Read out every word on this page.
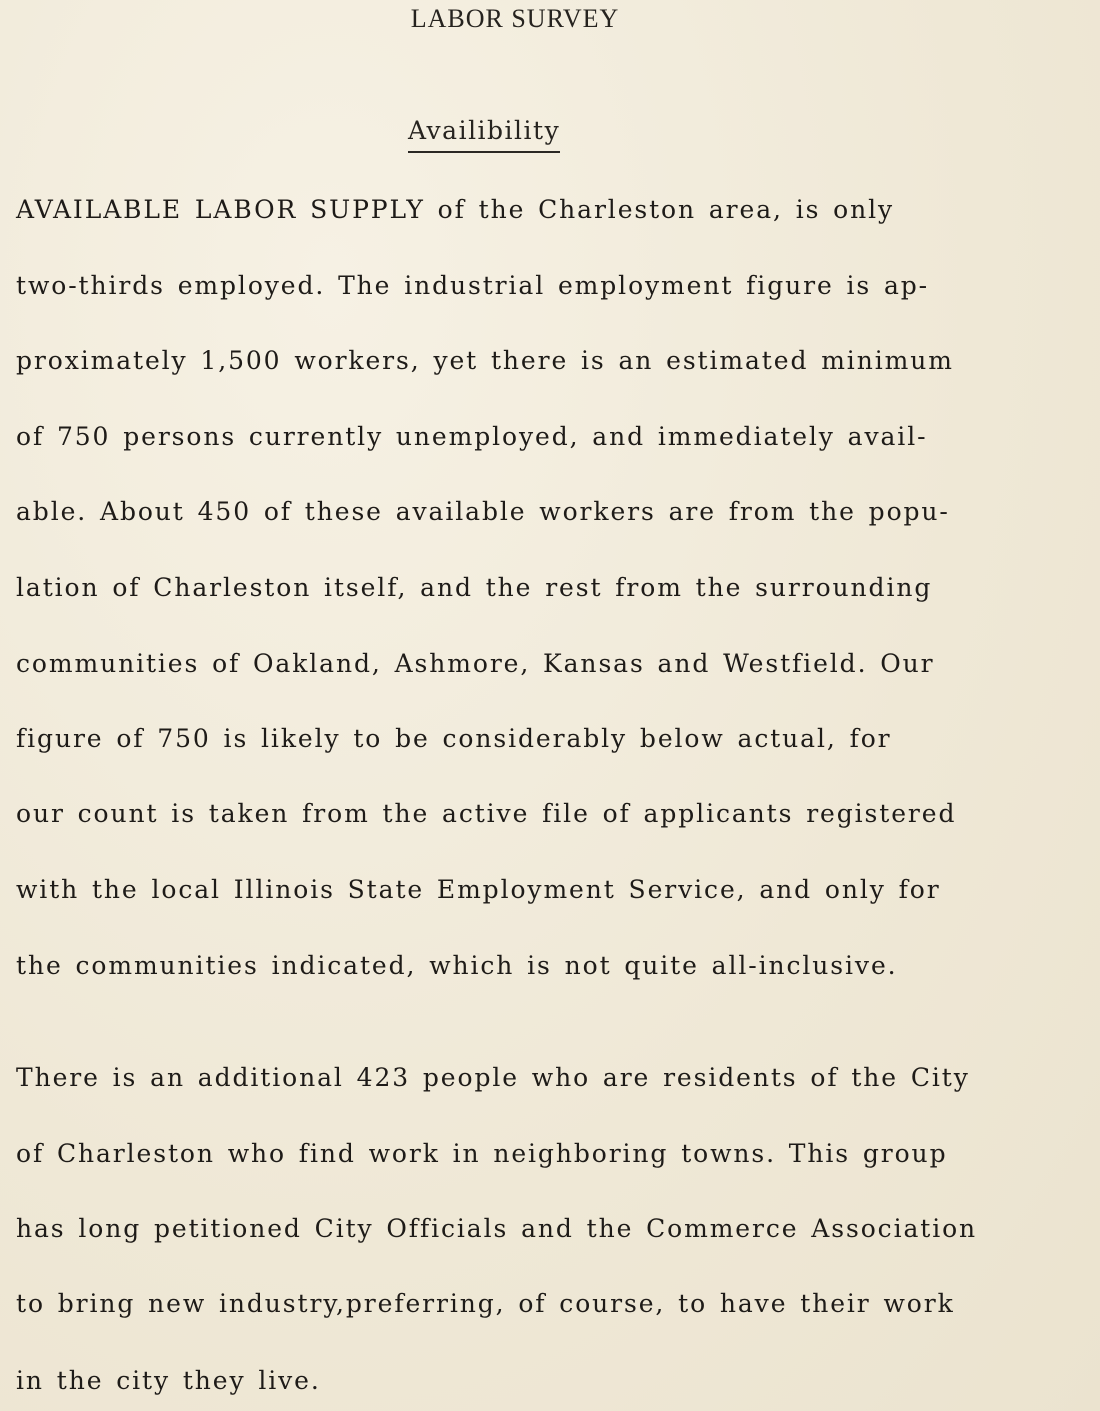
LABOR SURVEY
Availibility

AVAILABLE LABOR SUPPLY of the Charleston area, is only

two-thirds employed. The industrial employment figure is ap-

proximately 1,500 workers, yet there is an estimated minimum

of 750 persons currently unemployed, and immediately avail-

able. About 450 of these available workers are from the popu-

lation of Charleston itself, and the rest from the surrounding

communities of Oakland, Ashmore, Kansas and Westfield. Our

figure of 750 is likely to be considerably below actual, for

our count is taken from the active file of applicants registered

with the local Illinois State Employment Service, and only for

the communities indicated, which is not quite all-inclusive.

There is an additional 423 people who are residents of the City

of Charleston who find work in neighboring towns. This group

has long petitioned City Officials and the Commerce Association

to bring new industry,preferring, of course, to have their work

in the city they live.
